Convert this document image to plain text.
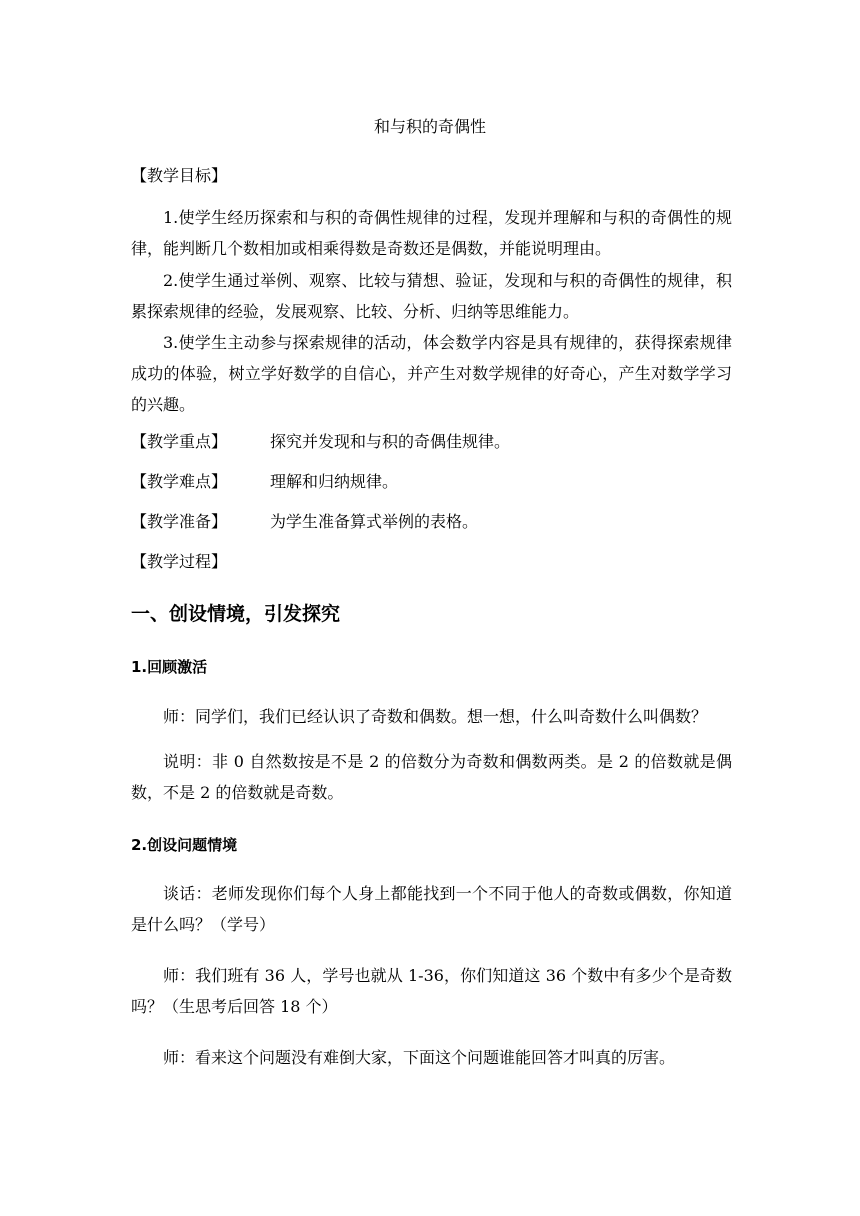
和与积的奇偶性
【教学目标】
1.使学生经历探索和与积的奇偶性规律的过程，发现并理解和与积的奇偶性的规律，能判断几个数相加或相乘得数是奇数还是偶数，并能说明理由。
2.使学生通过举例、观察、比较与猜想、验证，发现和与积的奇偶性的规律，积累探索规律的经验，发展观察、比较、分析、归纳等思维能力。
3.使学生主动参与探索规律的活动，体会数学内容是具有规律的，获得探索规律成功的体验，树立学好数学的自信心，并产生对数学规律的好奇心，产生对数学学习的兴趣。
【教学重点】	探究并发现和与积的奇偶佳规律。
【教学难点】	理解和归纳规律。
【教学准备】	为学生准备算式举例的表格。
【教学过程】
一、创设情境，引发探究
1.回顾激活
师：同学们，我们已经认识了奇数和偶数。想一想，什么叫奇数什么叫偶数？
说明：非 0 自然数按是不是 2 的倍数分为奇数和偶数两类。是 2 的倍数就是偶数，不是 2 的倍数就是奇数。
2.创设问题情境
谈话：老师发现你们每个人身上都能找到一个不同于他人的奇数或偶数，你知道是什么吗？（学号）
师：我们班有 36 人，学号也就从 1-36，你们知道这 36 个数中有多少个是奇数吗？（生思考后回答 18 个）
师：看来这个问题没有难倒大家，下面这个问题谁能回答才叫真的厉害。
